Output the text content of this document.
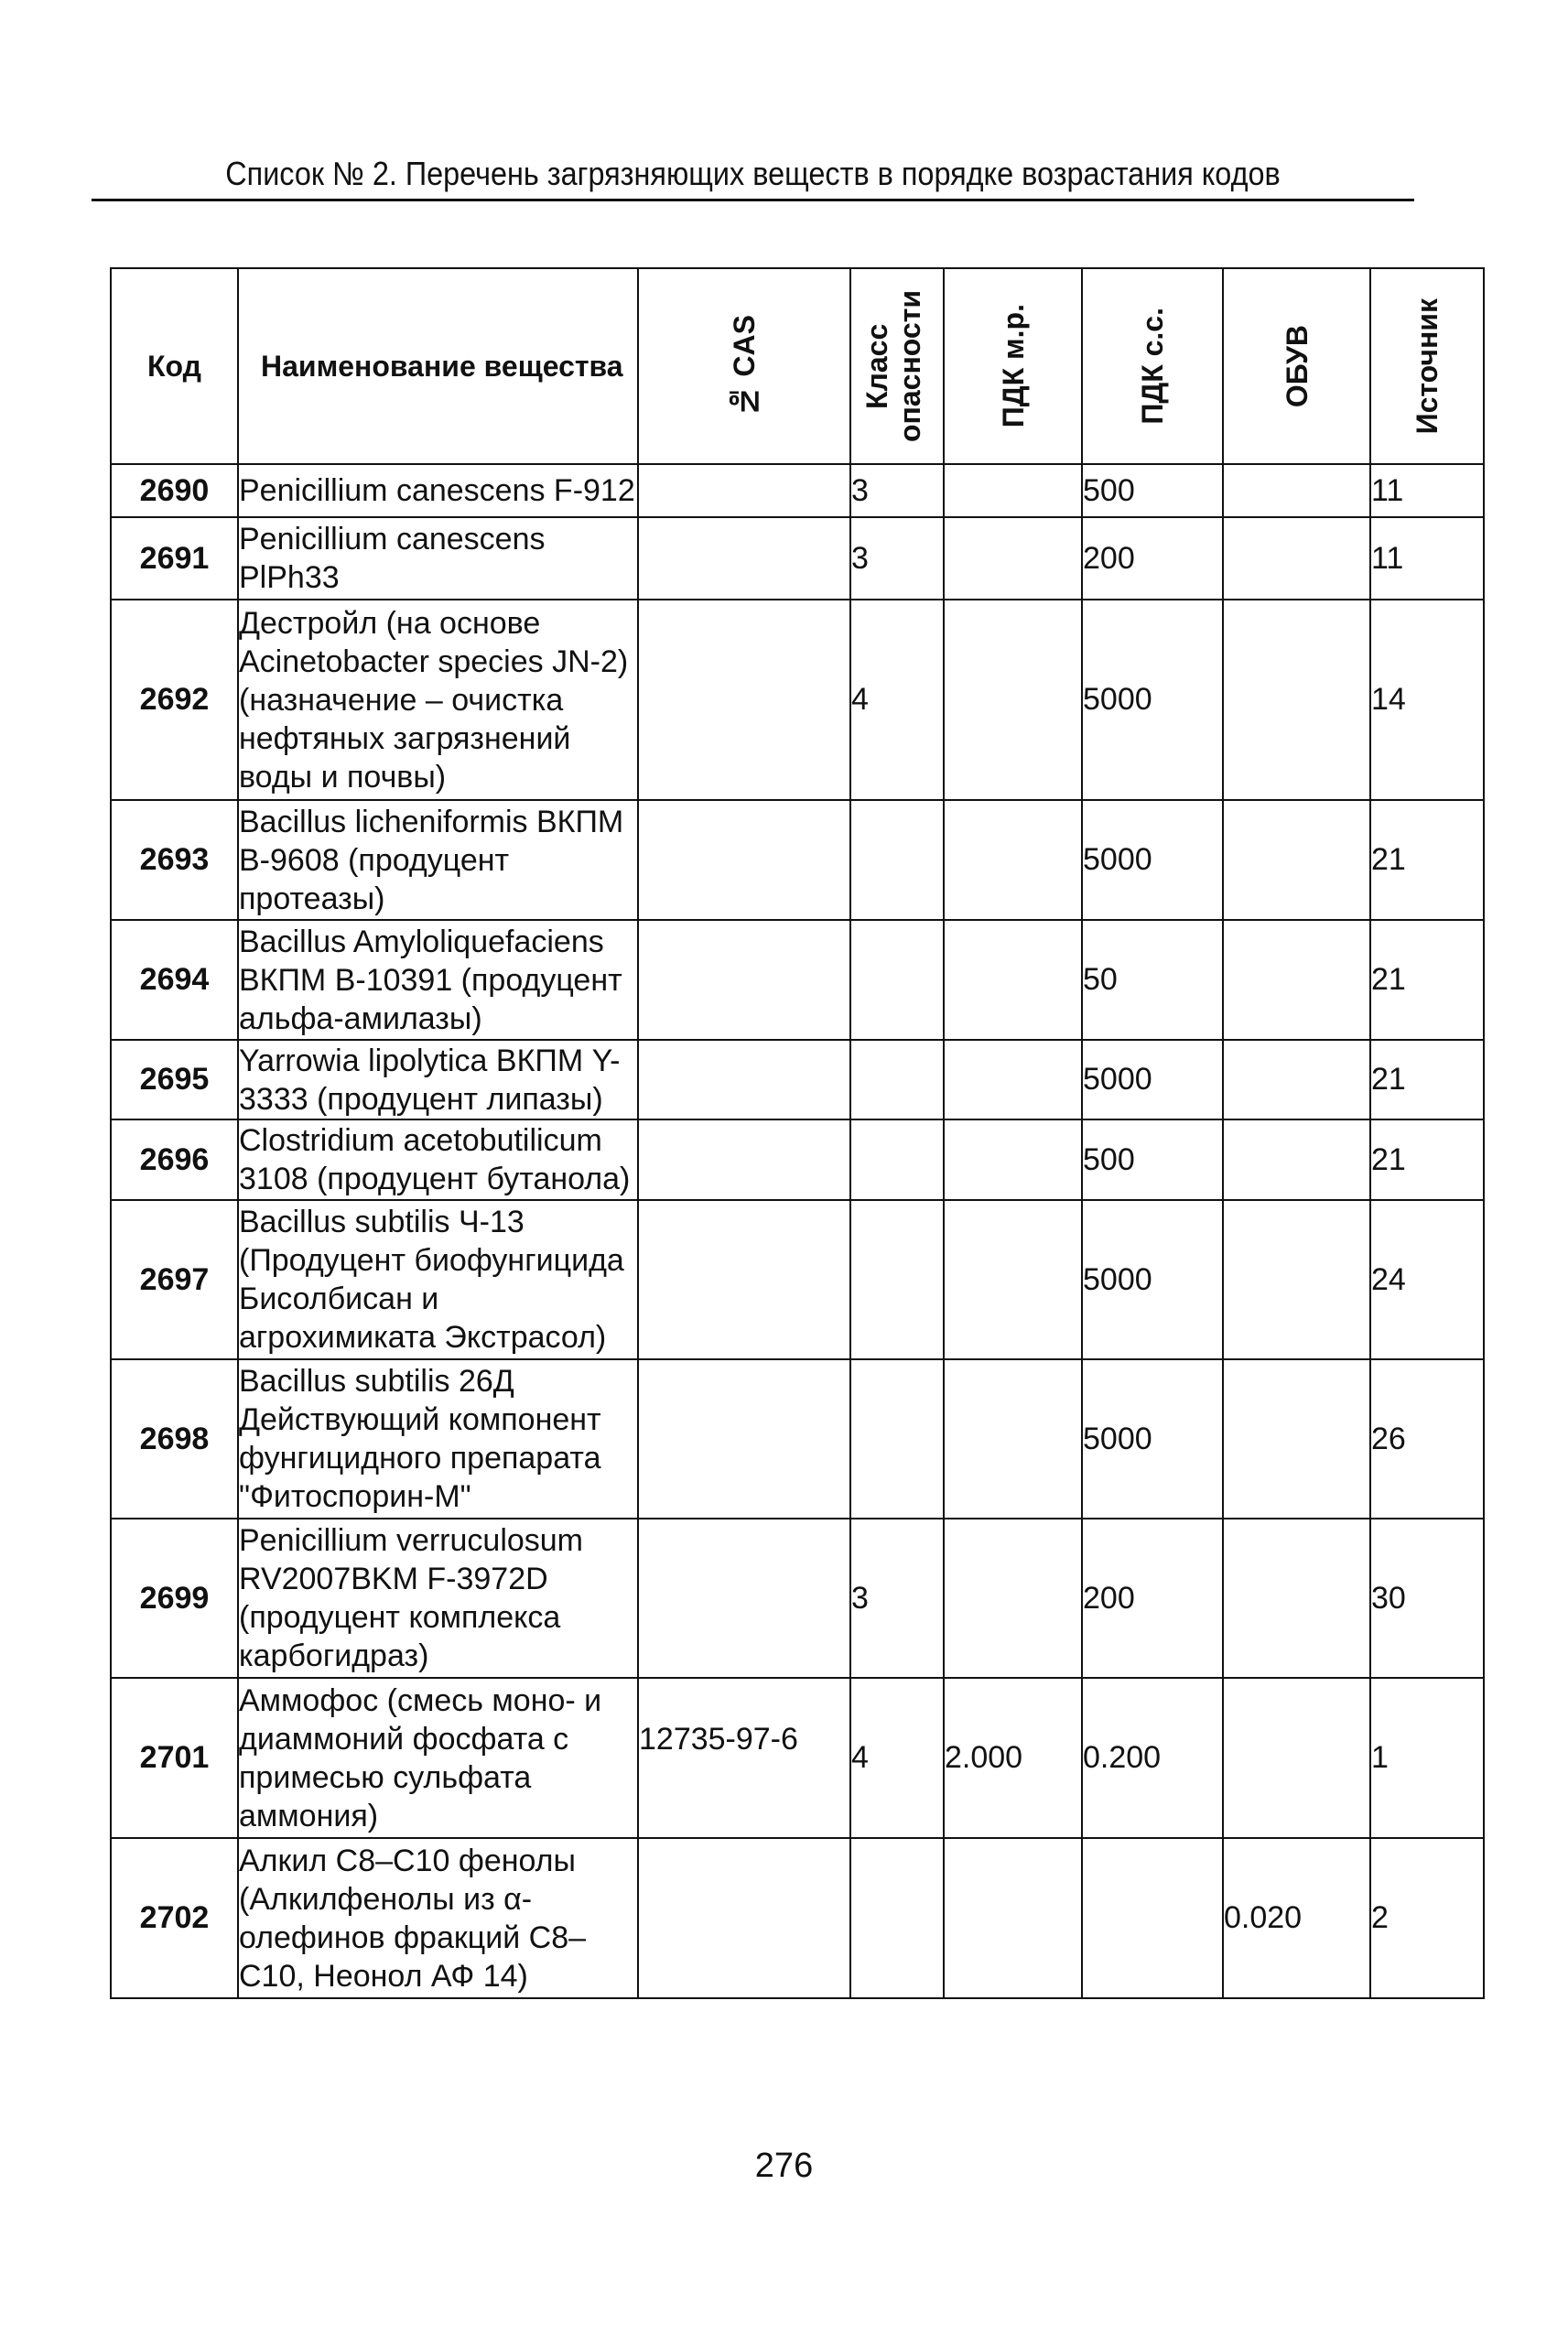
Список № 2. Перечень загрязняющих веществ в порядке возрастания кодов
Код	Наименование вещества	№ CAS	Класс опасности	ПДК м.р.	ПДК с.с.	ОБУВ	Источник

2690	Penicillium canescens F-912		3		500		11
2691	Penicillium canescens PlPh33		3		200		11
2692	Дестройл (на основе Acinetobacter species JN-2) (назначение – очистка нефтяных загрязнений воды и почвы)		4		5000		14
2693	Bacillus licheniformis ВКПМ В-9608 (продуцент протеазы)				5000		21
2694	Bacillus Amyloliquefaciens ВКПМ В-10391 (продуцент альфа-амилазы)				50		21
2695	Yarrowia lipolytica ВКПМ Y-3333 (продуцент липазы)				5000		21
2696	Clostridium acetobutilicum 3108 (продуцент бутанола)				500		21
2697	Bacillus subtilis Ч-13 (Продуцент биофунгицида Бисолбисан и агрохимиката Экстрасол)				5000		24
2698	Bacillus subtilis 26Д Действующий компонент фунгицидного препарата "Фитоспорин-М"				5000		26
2699	Penicillium verruculosum RV2007BKM F-3972D (продуцент комплекса карбогидраз)		3		200		30
2701	Аммофос (смесь моно- и диаммоний фосфата с примесью сульфата аммония)	12735-97-6	4	2.000	0.200		1
2702	Алкил C8–C10 фенолы (Алкилфенолы из α-олефинов фракций C8–C10, Неонол АФ 14)					0.020	2
276
